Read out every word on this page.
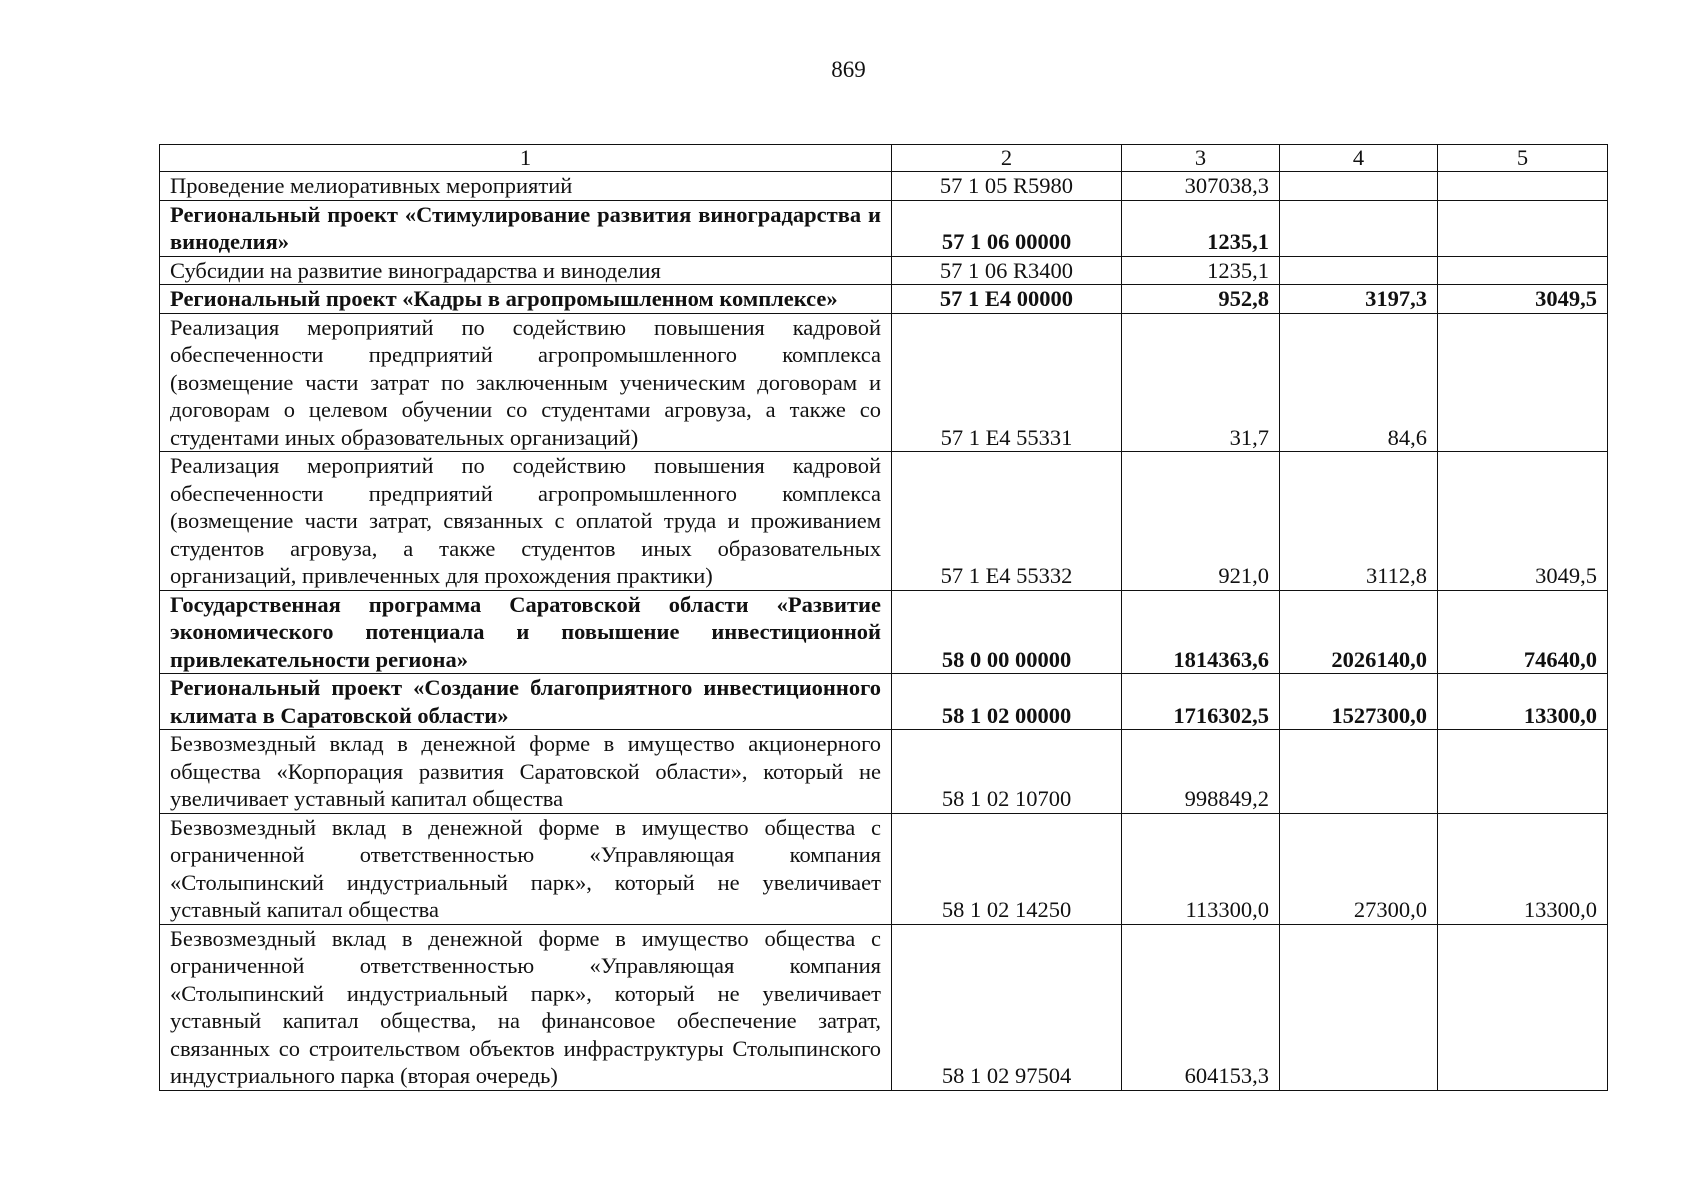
869
1	2	3	4	5
Проведение мелиоративных мероприятий	57 1 05 R5980	307038,3		
Региональный проект «Стимулирование развития виноградарства и виноделия»	57 1 06 00000	1235,1		
Субсидии на развитие виноградарства и виноделия	57 1 06 R3400	1235,1		
Региональный проект «Кадры в агропромышленном комплексе»	57 1 E4 00000	952,8	3197,3	3049,5
Реализация мероприятий по содействию повышения кадровой обеспеченности предприятий агропромышленного комплекса (возмещение части затрат по заключенным ученическим договорам и договорам о целевом обучении со студентами агровуза, а также со студентами иных образовательных организаций)	57 1 E4 55331	31,7	84,6	
Реализация мероприятий по содействию повышения кадровой обеспеченности предприятий агропромышленного комплекса (возмещение части затрат, связанных с оплатой труда и проживанием студентов агровуза, а также студентов иных образовательных организаций, привлеченных для прохождения практики)	57 1 E4 55332	921,0	3112,8	3049,5
Государственная программа Саратовской области «Развитие экономического потенциала и повышение инвестиционной привлекательности региона»	58 0 00 00000	1814363,6	2026140,0	74640,0
Региональный проект «Создание благоприятного инвестиционного климата в Саратовской области»	58 1 02 00000	1716302,5	1527300,0	13300,0
Безвозмездный вклад в денежной форме в имущество акционерного общества «Корпорация развития Саратовской области», который не увеличивает уставный капитал общества	58 1 02 10700	998849,2		
Безвозмездный вклад в денежной форме в имущество общества с ограниченной ответственностью «Управляющая компания «Столыпинский индустриальный парк», который не увеличивает уставный капитал общества	58 1 02 14250	113300,0	27300,0	13300,0
Безвозмездный вклад в денежной форме в имущество общества с ограниченной ответственностью «Управляющая компания «Столыпинский индустриальный парк», который не увеличивает уставный капитал общества, на финансовое обеспечение затрат, связанных со строительством объектов инфраструктуры Столыпинского индустриального парка (вторая очередь)	58 1 02 97504	604153,3		
